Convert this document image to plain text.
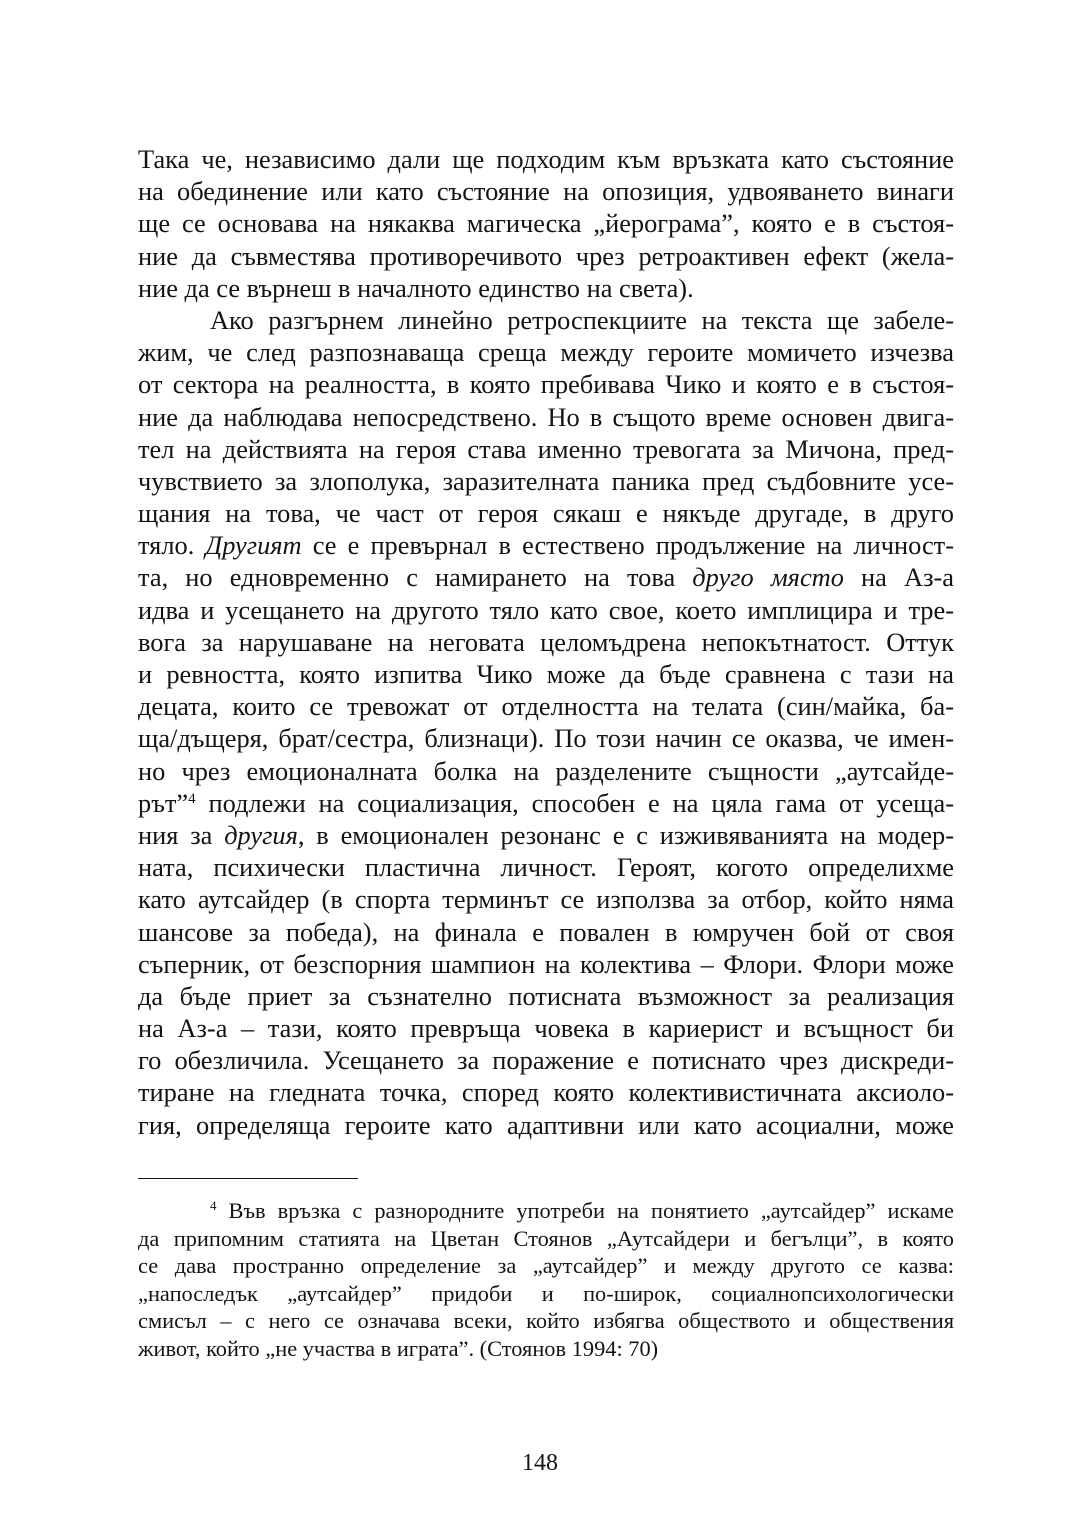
Така че, независимо дали ще подходим към връзката като състояние
на обединение или като състояние на опозиция, удвояването винаги
ще се основава на някаква магическа „йерограма”, която е в състоя-
ние да съвместява противоречивото чрез ретроактивен ефект (жела-
ние да се върнеш в началното единство на света).
Ако разгърнем линейно ретроспекциите на текста ще забеле-
жим, че след разпознаваща среща между героите момичето изчезва
от сектора на реалността, в която пребивава Чико и която е в състоя-
ние да наблюдава непосредствено. Но в същото време основен двига-
тел на действията на героя става именно тревогата за Мичона, пред-
чувствието за злополука, заразителната паника пред съдбовните усе-
щания на това, че част от героя сякаш е някъде другаде, в друго
тяло. Другият се е превърнал в естествено продължение на личност-
та, но едновременно с намирането на това друго място на Аз-а
идва и усещането на другото тяло като свое, което имплицира и тре-
вога за нарушаване на неговата целомъдрена непокътнатост. Оттук
и ревността, която изпитва Чико може да бъде сравнена с тази на
децата, които се тревожат от отделността на телата (син/майка, ба-
ща/дъщеря, брат/сестра, близнаци). По този начин се оказва, че имен-
но чрез емоционалната болка на разделените същности „аутсайде-
рът”$^4$ подлежи на социализация, способен е на цяла гама от усеща-
ния за другия, в емоционален резонанс е с изживяванията на модер-
ната, психически пластична личност. Героят, когото определихме
като аутсайдер (в спорта терминът се използва за отбор, който няма
шансове за победа), на финала е повален в юмручен бой от своя
съперник, от безспорния шампион на колектива – Флори. Флори може
да бъде приет за съзнателно потисната възможност за реализация
на Аз-а – тази, която превръща човека в кариерист и всъщност би
го обезличила. Усещането за поражение е потиснато чрез дискреди-
тиране на гледната точка, според която колективистичната аксиоло-
гия, определяща героите като адаптивни или като асоциални, може
$^4$ Във връзка с разнородните употреби на понятието „аутсайдер” искаме
да припомним статията на Цветан Стоянов „Аутсайдери и бегълци”, в която
се дава пространно определение за „аутсайдер” и между другото се казва:
„напоследък „аутсайдер” придоби и по-широк, социалнопсихологически
смисъл – с него се означава всеки, който избягва обществото и обществения
живот, който „не участва в играта”. (Стоянов 1994: 70)
148
